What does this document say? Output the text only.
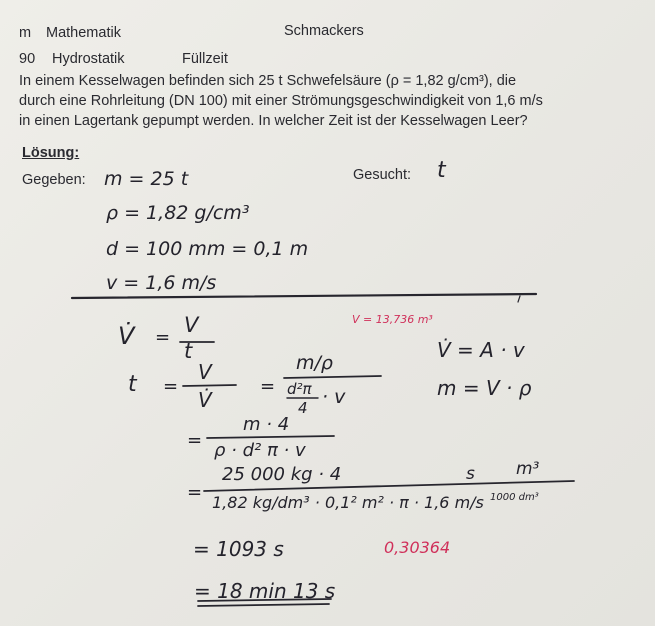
m Mathematik	Schmackers
90 Hydrostatik	Füllzeit
In einem Kesselwagen befinden sich 25 t Schwefelsäure (ρ = 1,82 g/cm³), die
durch eine Rohrleitung (DN 100) mit einer Strömungsgeschwindigkeit von 1,6 m/s
in einen Lagertank gepumpt werden. In welcher Zeit ist der Kesselwagen Leer?
Lösung:
Gegeben:	Gesucht: t
m = 25 t
ρ = 1,82 g/cm³
d = 100 mm = 0,1 m
v = 1,6 m/s
V̇ =
V
t
V = 13,736 m³
V̇ = A · v
m = V · ρ
t =
V
V̇
=
m/ρ
d²π
4 · v
=
m · 4
ρ · d² π · v
=
25 000 kg · 4	s m³
1,82 kg/dm³ · 0,1² m² · π · 1,6 m/s 1000 dm³
= 1093 s	0,30364
= 18 min 13 s
